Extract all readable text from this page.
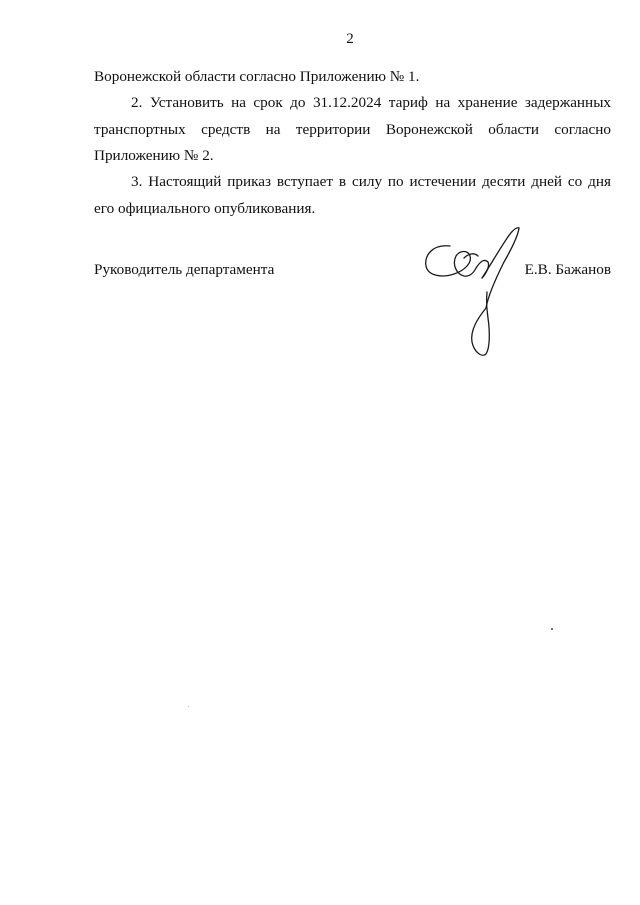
2
Воронежской области согласно Приложению № 1.
2. Установить на срок до 31.12.2024 тариф на хранение задержанных транспортных средств на территории Воронежской области согласно Приложению № 2.
3. Настоящий приказ вступает в силу по истечении десяти дней со дня его официального опубликования.
Руководитель департамента	Е.В. Бажанов
